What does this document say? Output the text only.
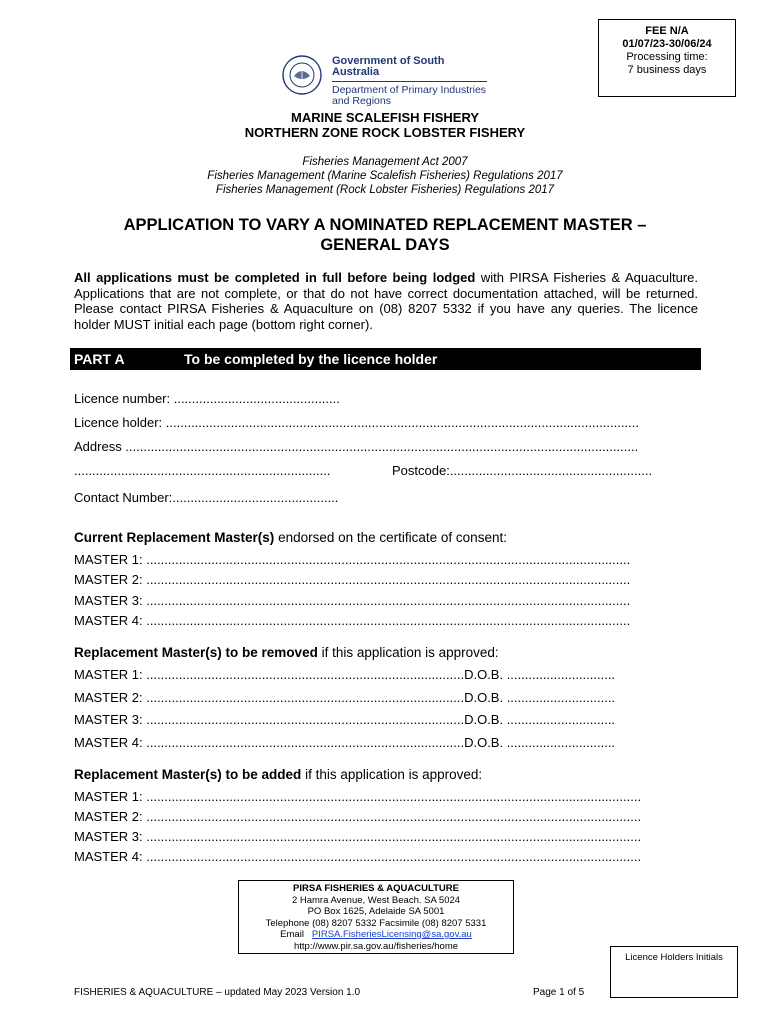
FEE N/A
01/07/23-30/06/24
Processing time:
7 business days
Government of South Australia
Department of Primary Industries
and Regions
MARINE SCALEFISH FISHERY
NORTHERN ZONE ROCK LOBSTER FISHERY
Fisheries Management Act 2007
Fisheries Management (Marine Scalefish Fisheries) Regulations 2017
Fisheries Management (Rock Lobster Fisheries) Regulations 2017
APPLICATION TO VARY A NOMINATED REPLACEMENT MASTER –
GENERAL DAYS
All applications must be completed in full before being lodged with PIRSA Fisheries & Aquaculture. Applications that are not complete, or that do not have correct documentation attached, will be returned. Please contact PIRSA Fisheries & Aquaculture on (08) 8207 5332 if you have any queries. The licence holder MUST initial each page (bottom right corner).
PART A	To be completed by the licence holder
Licence number: ..............................................
Licence holder: ...................................................................................................................................
Address ..............................................................................................................................................
.......................................................................	Postcode:........................................................
Contact Number:..............................................
Current Replacement Master(s) endorsed on the certificate of consent:
MASTER 1: ......................................................................................................................................
MASTER 2: ......................................................................................................................................
MASTER 3: ......................................................................................................................................
MASTER 4: ......................................................................................................................................
Replacement Master(s) to be removed if this application is approved:
MASTER 1: ........................................................................................D.O.B. ..............................
MASTER 2: ........................................................................................D.O.B. ..............................
MASTER 3: ........................................................................................D.O.B. ..............................
MASTER 4: ........................................................................................D.O.B. ..............................
Replacement Master(s) to be added if this application is approved:
MASTER 1: .........................................................................................................................................
MASTER 2: .........................................................................................................................................
MASTER 3: .........................................................................................................................................
MASTER 4: .........................................................................................................................................
PIRSA FISHERIES & AQUACULTURE
2 Hamra Avenue, West Beach. SA 5024
PO Box 1625, Adelaide SA 5001
Telephone (08) 8207 5332 Facsimile (08) 8207 5331
Email PIRSA.FisheriesLicensing@sa.gov.au
http://www.pir.sa.gov.au/fisheries/home
Licence Holders Initials
FISHERIES & AQUACULTURE – updated May 2023 Version 1.0	Page 1 of 5
